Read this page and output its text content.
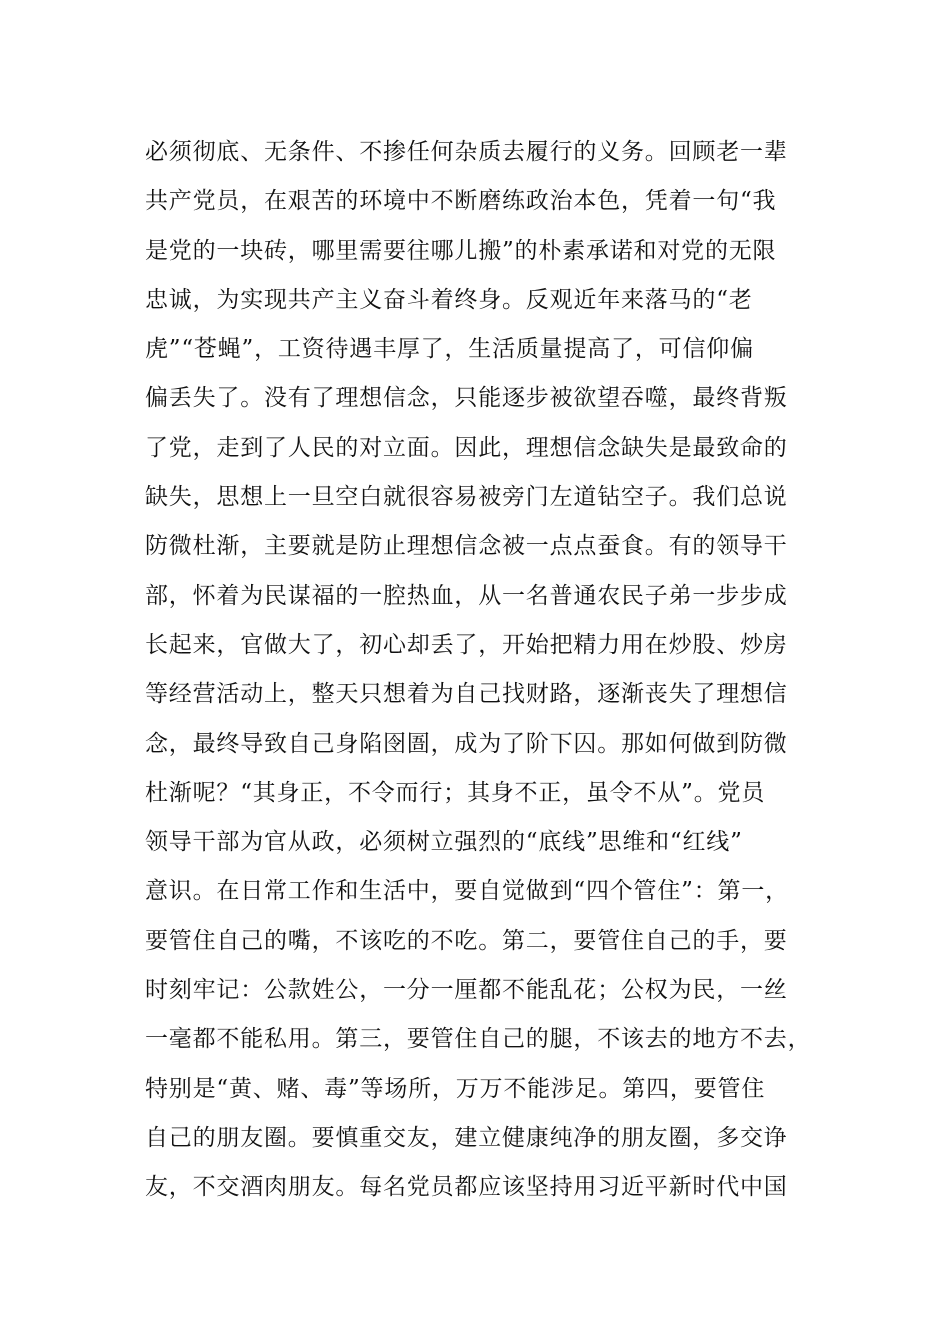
必须彻底、无条件、不掺任何杂质去履行的义务。回顾老一辈
共产党员，在艰苦的环境中不断磨练政治本色，凭着一句“我
是党的一块砖，哪里需要往哪儿搬”的朴素承诺和对党的无限
忠诚，为实现共产主义奋斗着终身。反观近年来落马的“老
虎”“苍蝇”，工资待遇丰厚了，生活质量提高了，可信仰偏
偏丢失了。没有了理想信念，只能逐步被欲望吞噬，最终背叛
了党，走到了人民的对立面。因此，理想信念缺失是最致命的
缺失，思想上一旦空白就很容易被旁门左道钻空子。我们总说
防微杜渐，主要就是防止理想信念被一点点蚕食。有的领导干
部，怀着为民谋福的一腔热血，从一名普通农民子弟一步步成
长起来，官做大了，初心却丢了，开始把精力用在炒股、炒房
等经营活动上，整天只想着为自己找财路，逐渐丧失了理想信
念，最终导致自己身陷囹圄，成为了阶下囚。那如何做到防微
杜渐呢？“其身正，不令而行；其身不正，虽令不从”。党员
领导干部为官从政，必须树立强烈的“底线”思维和“红线”
意识。在日常工作和生活中，要自觉做到“四个管住”：第一，
要管住自己的嘴，不该吃的不吃。第二，要管住自己的手，要
时刻牢记：公款姓公，一分一厘都不能乱花；公权为民，一丝
一毫都不能私用。第三，要管住自己的腿，不该去的地方不去，
特别是“黄、赌、毒”等场所，万万不能涉足。第四，要管住
自己的朋友圈。要慎重交友，建立健康纯净的朋友圈，多交诤
友，不交酒肉朋友。每名党员都应该坚持用习近平新时代中国
